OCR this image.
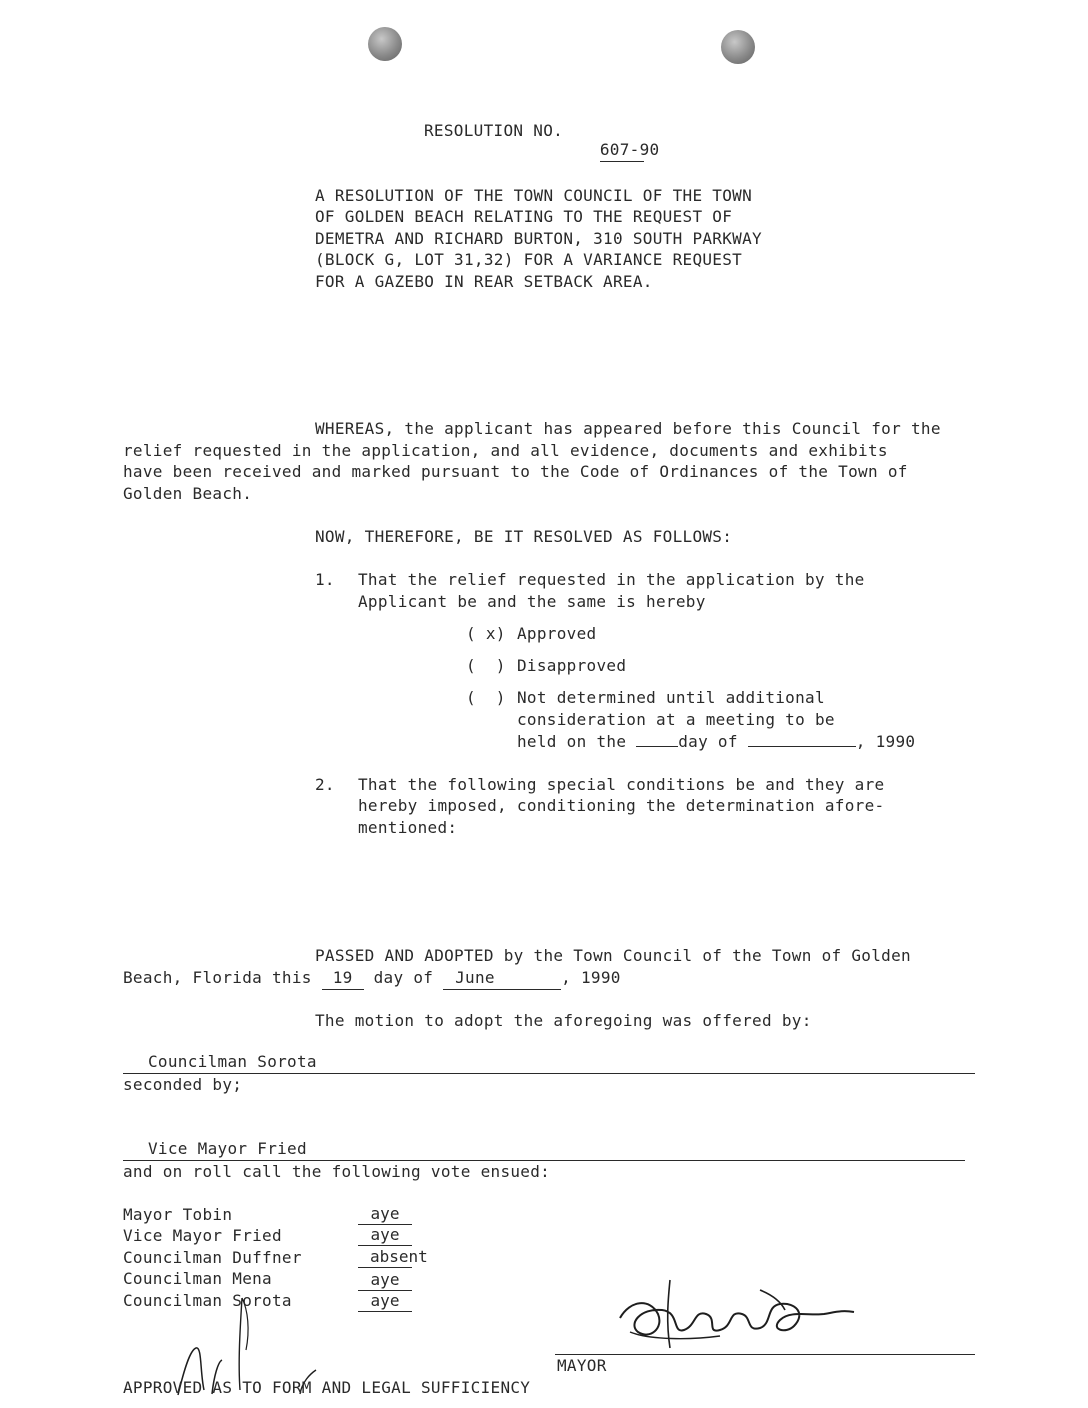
RESOLUTION NO.

607-90

A RESOLUTION OF THE TOWN COUNCIL OF THE TOWN
OF GOLDEN BEACH RELATING TO THE REQUEST OF
DEMETRA AND RICHARD BURTON, 310 SOUTH PARKWAY
(BLOCK G, LOT 31,32) FOR A VARIANCE REQUEST
FOR A GAZEBO IN REAR SETBACK AREA.
WHEREAS, the applicant has appeared before this Council for the
relief requested in the application, and all evidence, documents and exhibits
have been received and marked pursuant to the Code of Ordinances of the Town of
Golden Beach.
NOW, THEREFORE, BE IT RESOLVED AS FOLLOWS:
1. That the relief requested in the application by the
Applicant be and the same is hereby
( x) Approved
(  ) Disapproved
(  ) Not determined until additional
consideration at a meeting to be
held on the	day of	, 1990
2. That the following special conditions be and they are
hereby imposed, conditioning the determination afore-
mentioned:
PASSED AND ADOPTED by the Town Council of the Town of Golden
Beach, Florida this 19 day of June	, 1990
The motion to adopt the aforegoing was offered by:
Councilman Sorota
seconded by;
Vice Mayor Fried
and on roll call the following vote ensued:
Mayor Tobin	aye
Vice Mayor Fried	aye
Councilman Duffner	absent
Councilman Mena	aye
Councilman Sorota	aye
MAYOR
APPROVED AS TO FORM AND LEGAL SUFFICIENCY
